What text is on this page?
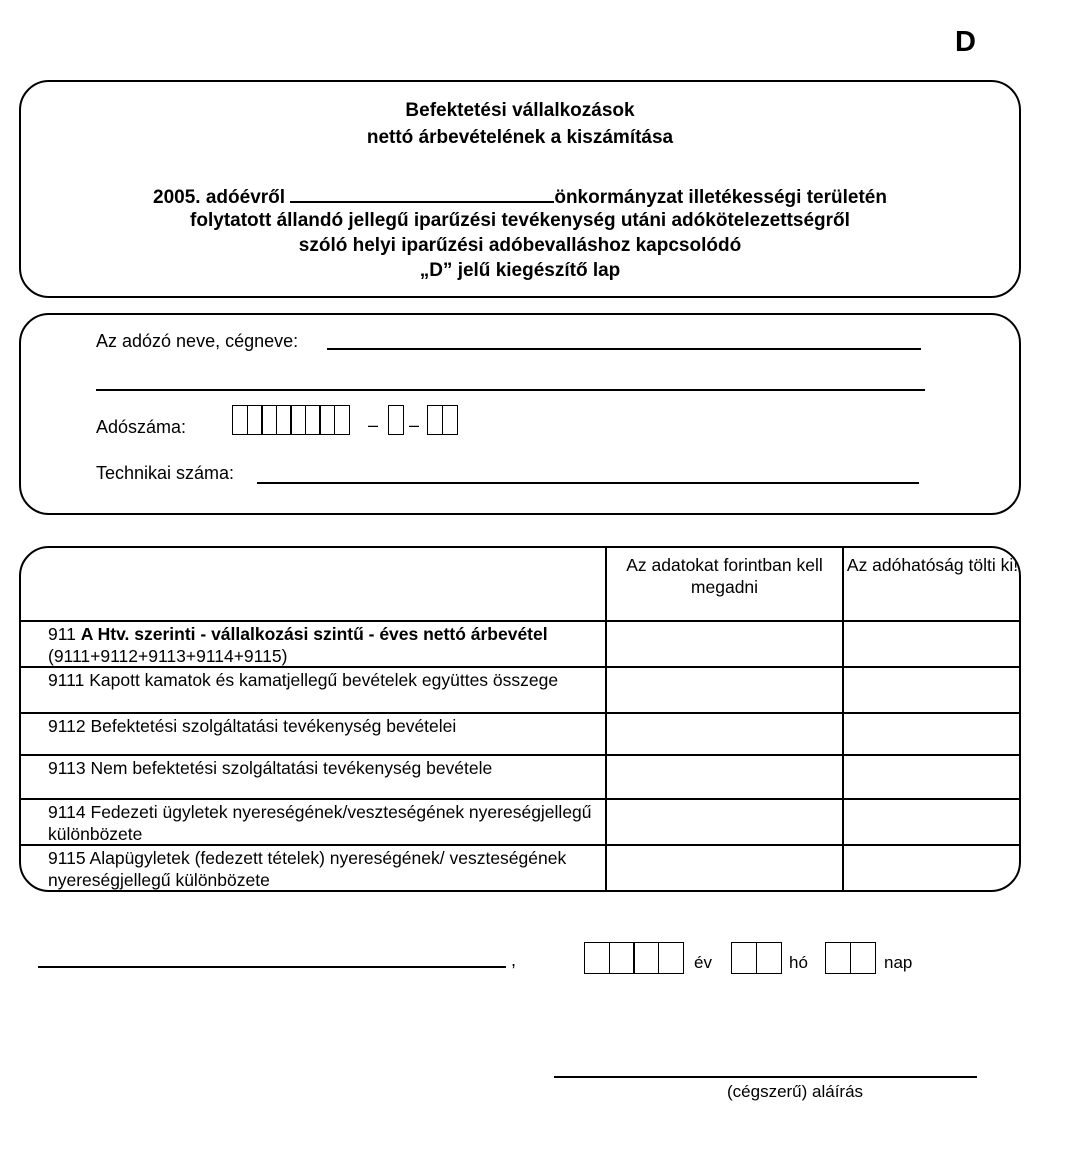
D
Befektetési vállalkozások
nettó árbevételének a kiszámítása
2005. adóévről	önkormányzat illetékességi területén
folytatott állandó jellegű iparűzési tevékenység utáni adókötelezettségről
szóló helyi iparűzési adóbevalláshoz kapcsolódó
„D” jelű kiegészítő lap
Az adózó neve, cégneve:
Adószáma:	– –
Technikai száma:
Az adatokat forintban kell megadni
Az adóhatóság tölti ki!
911 A Htv. szerinti - vállalkozási szintű - éves nettó árbevétel (9111+9112+9113+9114+9115)
9111 Kapott kamatok és kamatjellegű bevételek együttes összege
9112 Befektetési szolgáltatási tevékenység bevételei
9113 Nem befektetési szolgáltatási tevékenység bevétele
9114 Fedezeti ügyletek nyereségének/veszteségének nyereségjellegű különbözete
9115 Alapügyletek (fedezett tételek) nyereségének/ veszteségének nyereségjellegű különbözete
,	év	hó	nap
(cégszerű) aláírás
